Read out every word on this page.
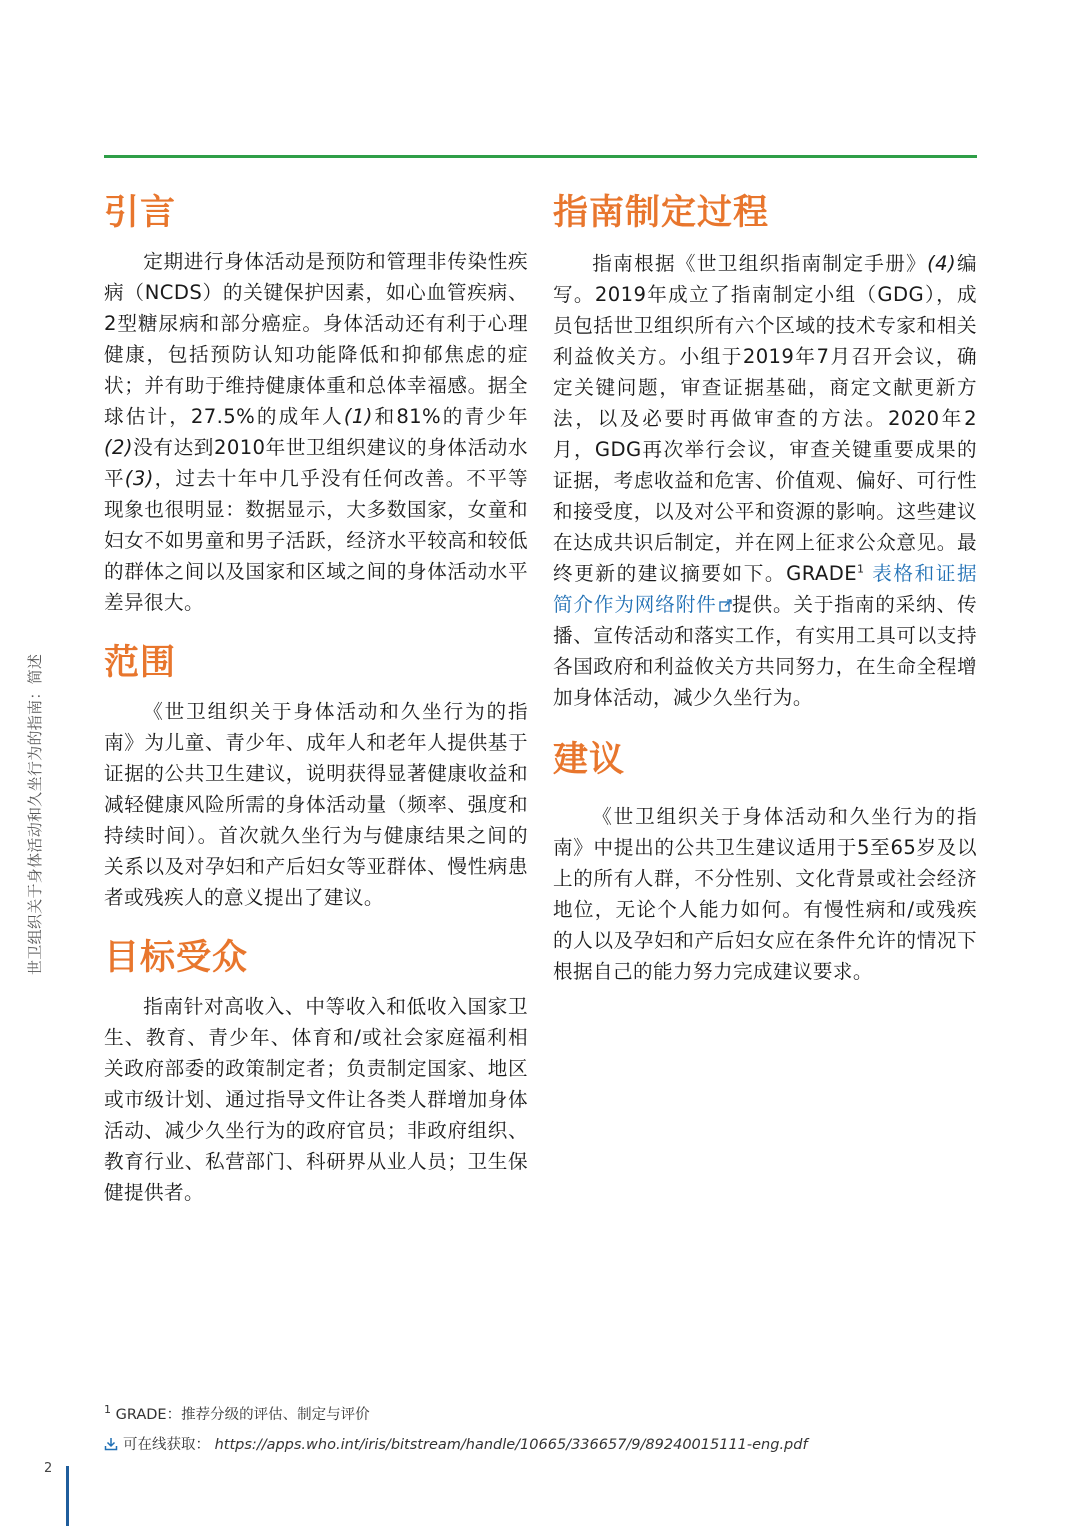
世卫组织关于身体活动和久坐行为的指南：简述
引言

定期进行身体活动是预防和管理非传染性疾病（NCDS）的关键保护因素，如心血管疾病、2型糖尿病和部分癌症。身体活动还有利于心理健康，包括预防认知功能降低和抑郁焦虑的症状；并有助于维持健康体重和总体幸福感。据全球估计，27.5%的成年人(1)和81%的青少年(2)没有达到2010年世卫组织建议的身体活动水平(3)，过去十年中几乎没有任何改善。不平等现象也很明显：数据显示，大多数国家，女童和妇女不如男童和男子活跃，经济水平较高和较低的群体之间以及国家和区域之间的身体活动水平差异很大。

范围

《世卫组织关于身体活动和久坐行为的指南》为儿童、青少年、成年人和老年人提供基于证据的公共卫生建议，说明获得显著健康收益和减轻健康风险所需的身体活动量（频率、强度和持续时间）。首次就久坐行为与健康结果之间的关系以及对孕妇和产后妇女等亚群体、慢性病患者或残疾人的意义提出了建议。

目标受众

指南针对高收入、中等收入和低收入国家卫生、教育、青少年、体育和/或社会家庭福利相关政府部委的政策制定者；负责制定国家、地区或市级计划、通过指导文件让各类人群增加身体活动、减少久坐行为的政府官员；非政府组织、教育行业、私营部门、科研界从业人员；卫生保健提供者。

指南制定过程

指南根据《世卫组织指南制定手册》(4)编写。2019年成立了指南制定小组（GDG），成员包括世卫组织所有六个区域的技术专家和相关利益攸关方。小组于2019年7月召开会议，确定关键问题，审查证据基础，商定文献更新方法，以及必要时再做审查的方法。2020年2月，GDG再次举行会议，审查关键重要成果的证据，考虑收益和危害、价值观、偏好、可行性和接受度，以及对公平和资源的影响。这些建议在达成共识后制定，并在网上征求公众意见。最终更新的建议摘要如下。GRADE$^1$ 表格和证据简介作为网络附件 提供。关于指南的采纳、传播、宣传活动和落实工作，有实用工具可以支持各国政府和利益攸关方共同努力，在生命全程增加身体活动，减少久坐行为。

建议

《世卫组织关于身体活动和久坐行为的指南》中提出的公共卫生建议适用于5至65岁及以上的所有人群，不分性别、文化背景或社会经济地位，无论个人能力如何。有慢性病和/或残疾的人以及孕妇和产后妇女应在条件允许的情况下根据自己的能力努力完成建议要求。

$^1$ GRADE：推荐分级的评估、制定与评价
可在线获取： https://apps.who.int/iris/bitstream/handle/10665/336657/9/89240015111-eng.pdf
2
